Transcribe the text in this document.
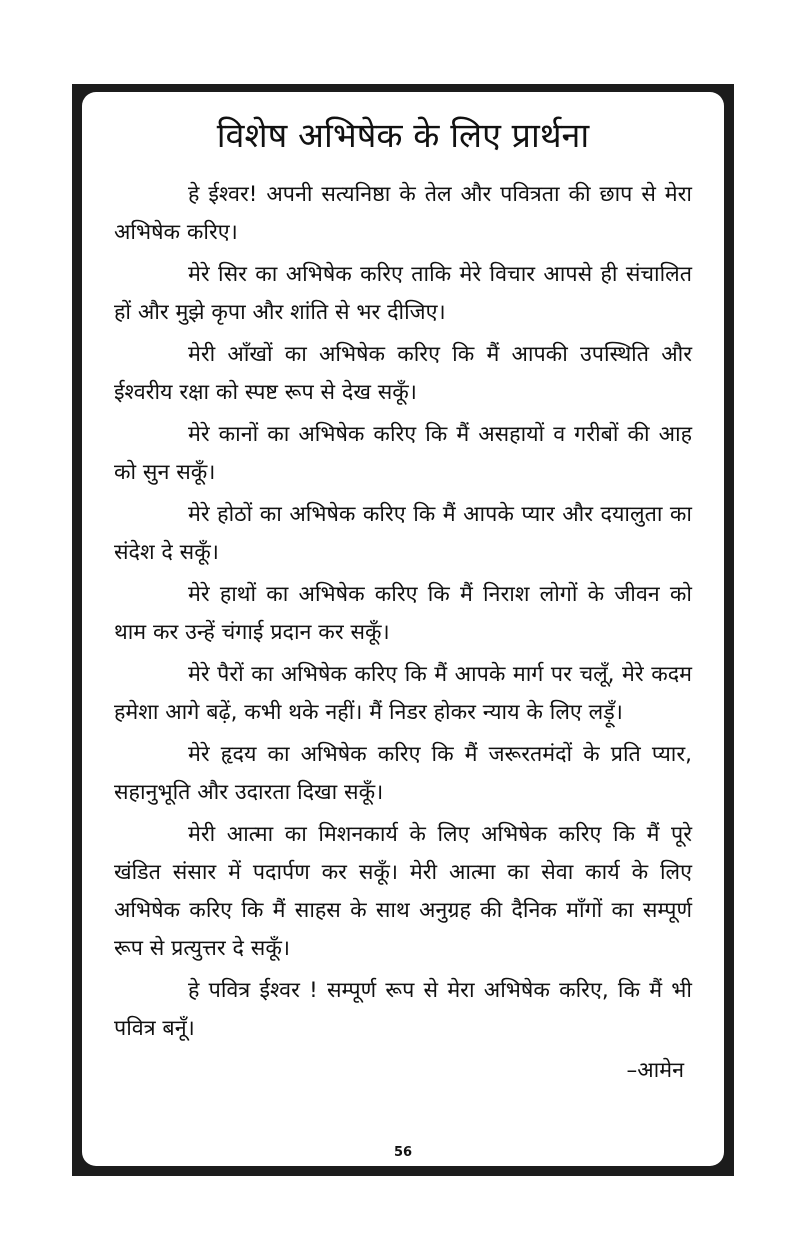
विशेष अभिषेक के लिए प्रार्थना

हे ईश्वर! अपनी सत्यनिष्ठा के तेल और पवित्रता की छाप से मेरा अभिषेक करिए।

मेरे सिर का अभिषेक करिए ताकि मेरे विचार आपसे ही संचालित हों और मुझे कृपा और शांति से भर दीजिए।

मेरी आँखों का अभिषेक करिए कि मैं आपकी उपस्थिति और ईश्वरीय रक्षा को स्पष्ट रूप से देख सकूँ।

मेरे कानों का अभिषेक करिए कि मैं असहायों व गरीबों की आह को सुन सकूँ।

मेरे होठों का अभिषेक करिए कि मैं आपके प्यार और दयालुता का संदेश दे सकूँ।

मेरे हाथों का अभिषेक करिए कि मैं निराश लोगों के जीवन को थाम कर उन्हें चंगाई प्रदान कर सकूँ।

मेरे पैरों का अभिषेक करिए कि मैं आपके मार्ग पर चलूँ, मेरे कदम हमेशा आगे बढ़ें, कभी थके नहीं। मैं निडर होकर न्याय के लिए लड़ूँ।

मेरे हृदय का अभिषेक करिए कि मैं जरूरतमंदों के प्रति प्यार, सहानुभूति और उदारता दिखा सकूँ।

मेरी आत्मा का मिशनकार्य के लिए अभिषेक करिए कि मैं पूरे खंडित संसार में पदार्पण कर सकूँ। मेरी आत्मा का सेवा कार्य के लिए अभिषेक करिए कि मैं साहस के साथ अनुग्रह की दैनिक माँगों का सम्पूर्ण रूप से प्रत्युत्तर दे सकूँ।

हे पवित्र ईश्वर ! सम्पूर्ण रूप से मेरा अभिषेक करिए, कि मैं भी पवित्र बनूँ।

–आमेन

56
